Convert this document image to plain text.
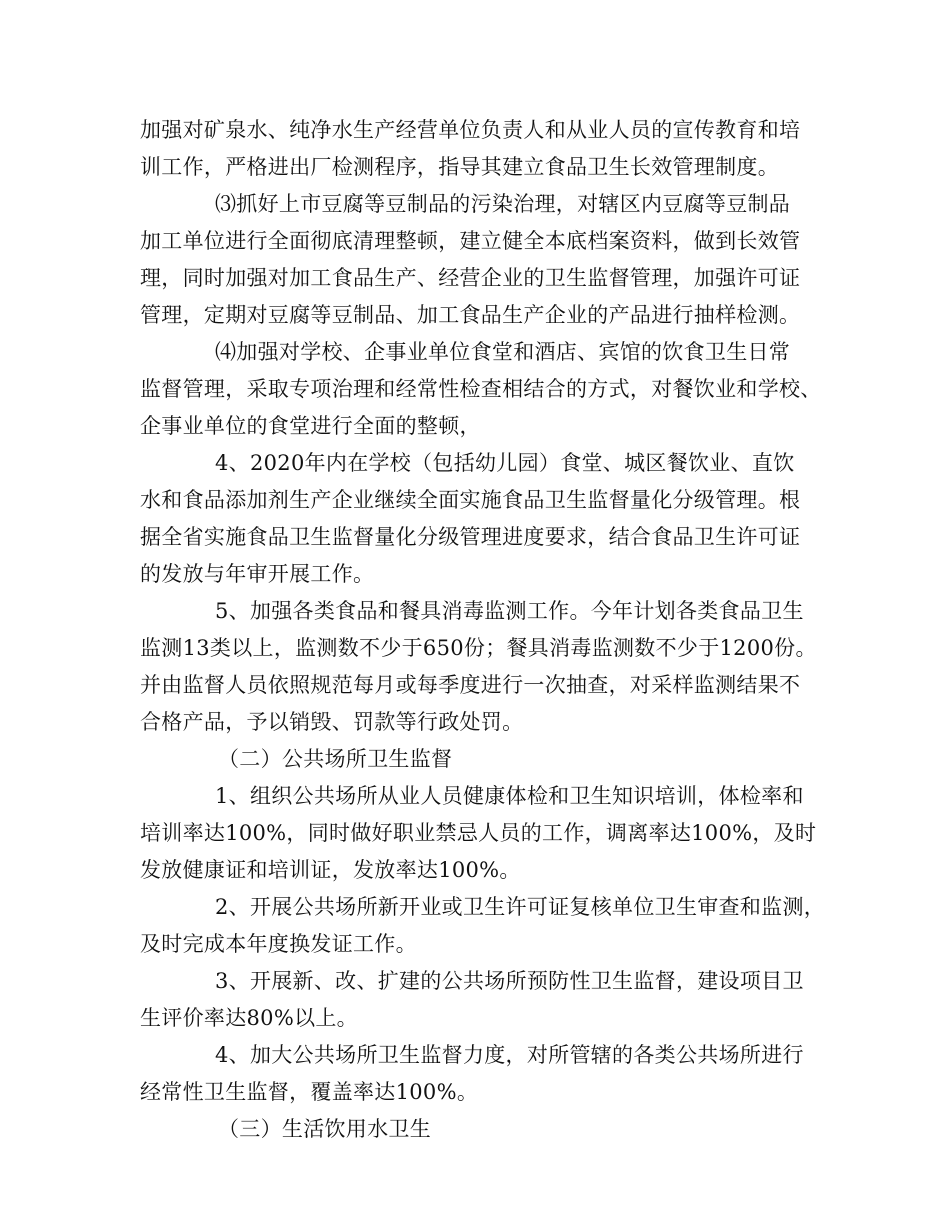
加强对矿泉水、纯净水生产经营单位负责人和从业人员的宣传教育和培
训工作，严格进出厂检测程序，指导其建立食品卫生长效管理制度。
⑶抓好上市豆腐等豆制品的污染治理，对辖区内豆腐等豆制品
加工单位进行全面彻底清理整顿，建立健全本底档案资料，做到长效管
理，同时加强对加工食品生产、经营企业的卫生监督管理，加强许可证
管理，定期对豆腐等豆制品、加工食品生产企业的产品进行抽样检测。
⑷加强对学校、企事业单位食堂和酒店、宾馆的饮食卫生日常
监督管理，采取专项治理和经常性检查相结合的方式，对餐饮业和学校、
企事业单位的食堂进行全面的整顿，
4、2020年内在学校（包括幼儿园）食堂、城区餐饮业、直饮
水和食品添加剂生产企业继续全面实施食品卫生监督量化分级管理。根
据全省实施食品卫生监督量化分级管理进度要求，结合食品卫生许可证
的发放与年审开展工作。
5、加强各类食品和餐具消毒监测工作。今年计划各类食品卫生
监测13类以上，监测数不少于650份；餐具消毒监测数不少于1200份。
并由监督人员依照规范每月或每季度进行一次抽查，对采样监测结果不
合格产品，予以销毁、罚款等行政处罚。
（二）公共场所卫生监督
1、组织公共场所从业人员健康体检和卫生知识培训，体检率和
培训率达100%，同时做好职业禁忌人员的工作，调离率达100%，及时
发放健康证和培训证，发放率达100%。
2、开展公共场所新开业或卫生许可证复核单位卫生审查和监测，
及时完成本年度换发证工作。
3、开展新、改、扩建的公共场所预防性卫生监督，建设项目卫
生评价率达80%以上。
4、加大公共场所卫生监督力度，对所管辖的各类公共场所进行
经常性卫生监督，覆盖率达100%。
（三）生活饮用水卫生
